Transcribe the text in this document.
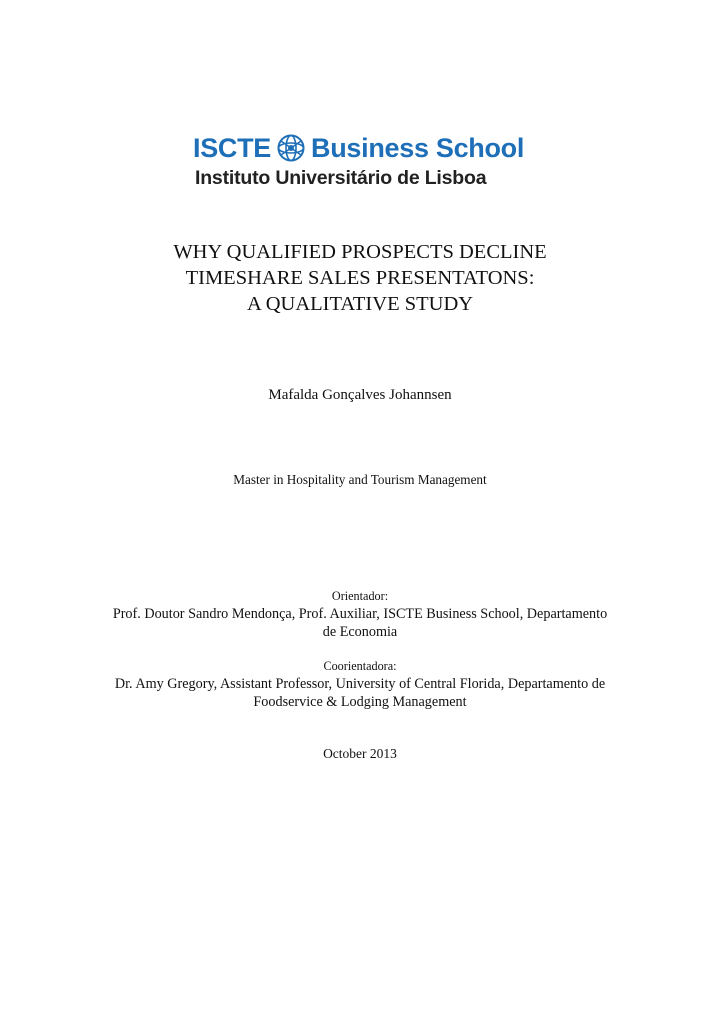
ISCTE Business School
Instituto Universitário de Lisboa
WHY QUALIFIED PROSPECTS DECLINE
TIMESHARE SALES PRESENTATONS:
A QUALITATIVE STUDY
Mafalda Gonçalves Johannsen
Master in Hospitality and Tourism Management
Orientador:
Prof. Doutor Sandro Mendonça, Prof. Auxiliar, ISCTE Business School, Departamento
de Economia
Coorientadora:
Dr. Amy Gregory, Assistant Professor, University of Central Florida, Departamento de
Foodservice & Lodging Management
October 2013
